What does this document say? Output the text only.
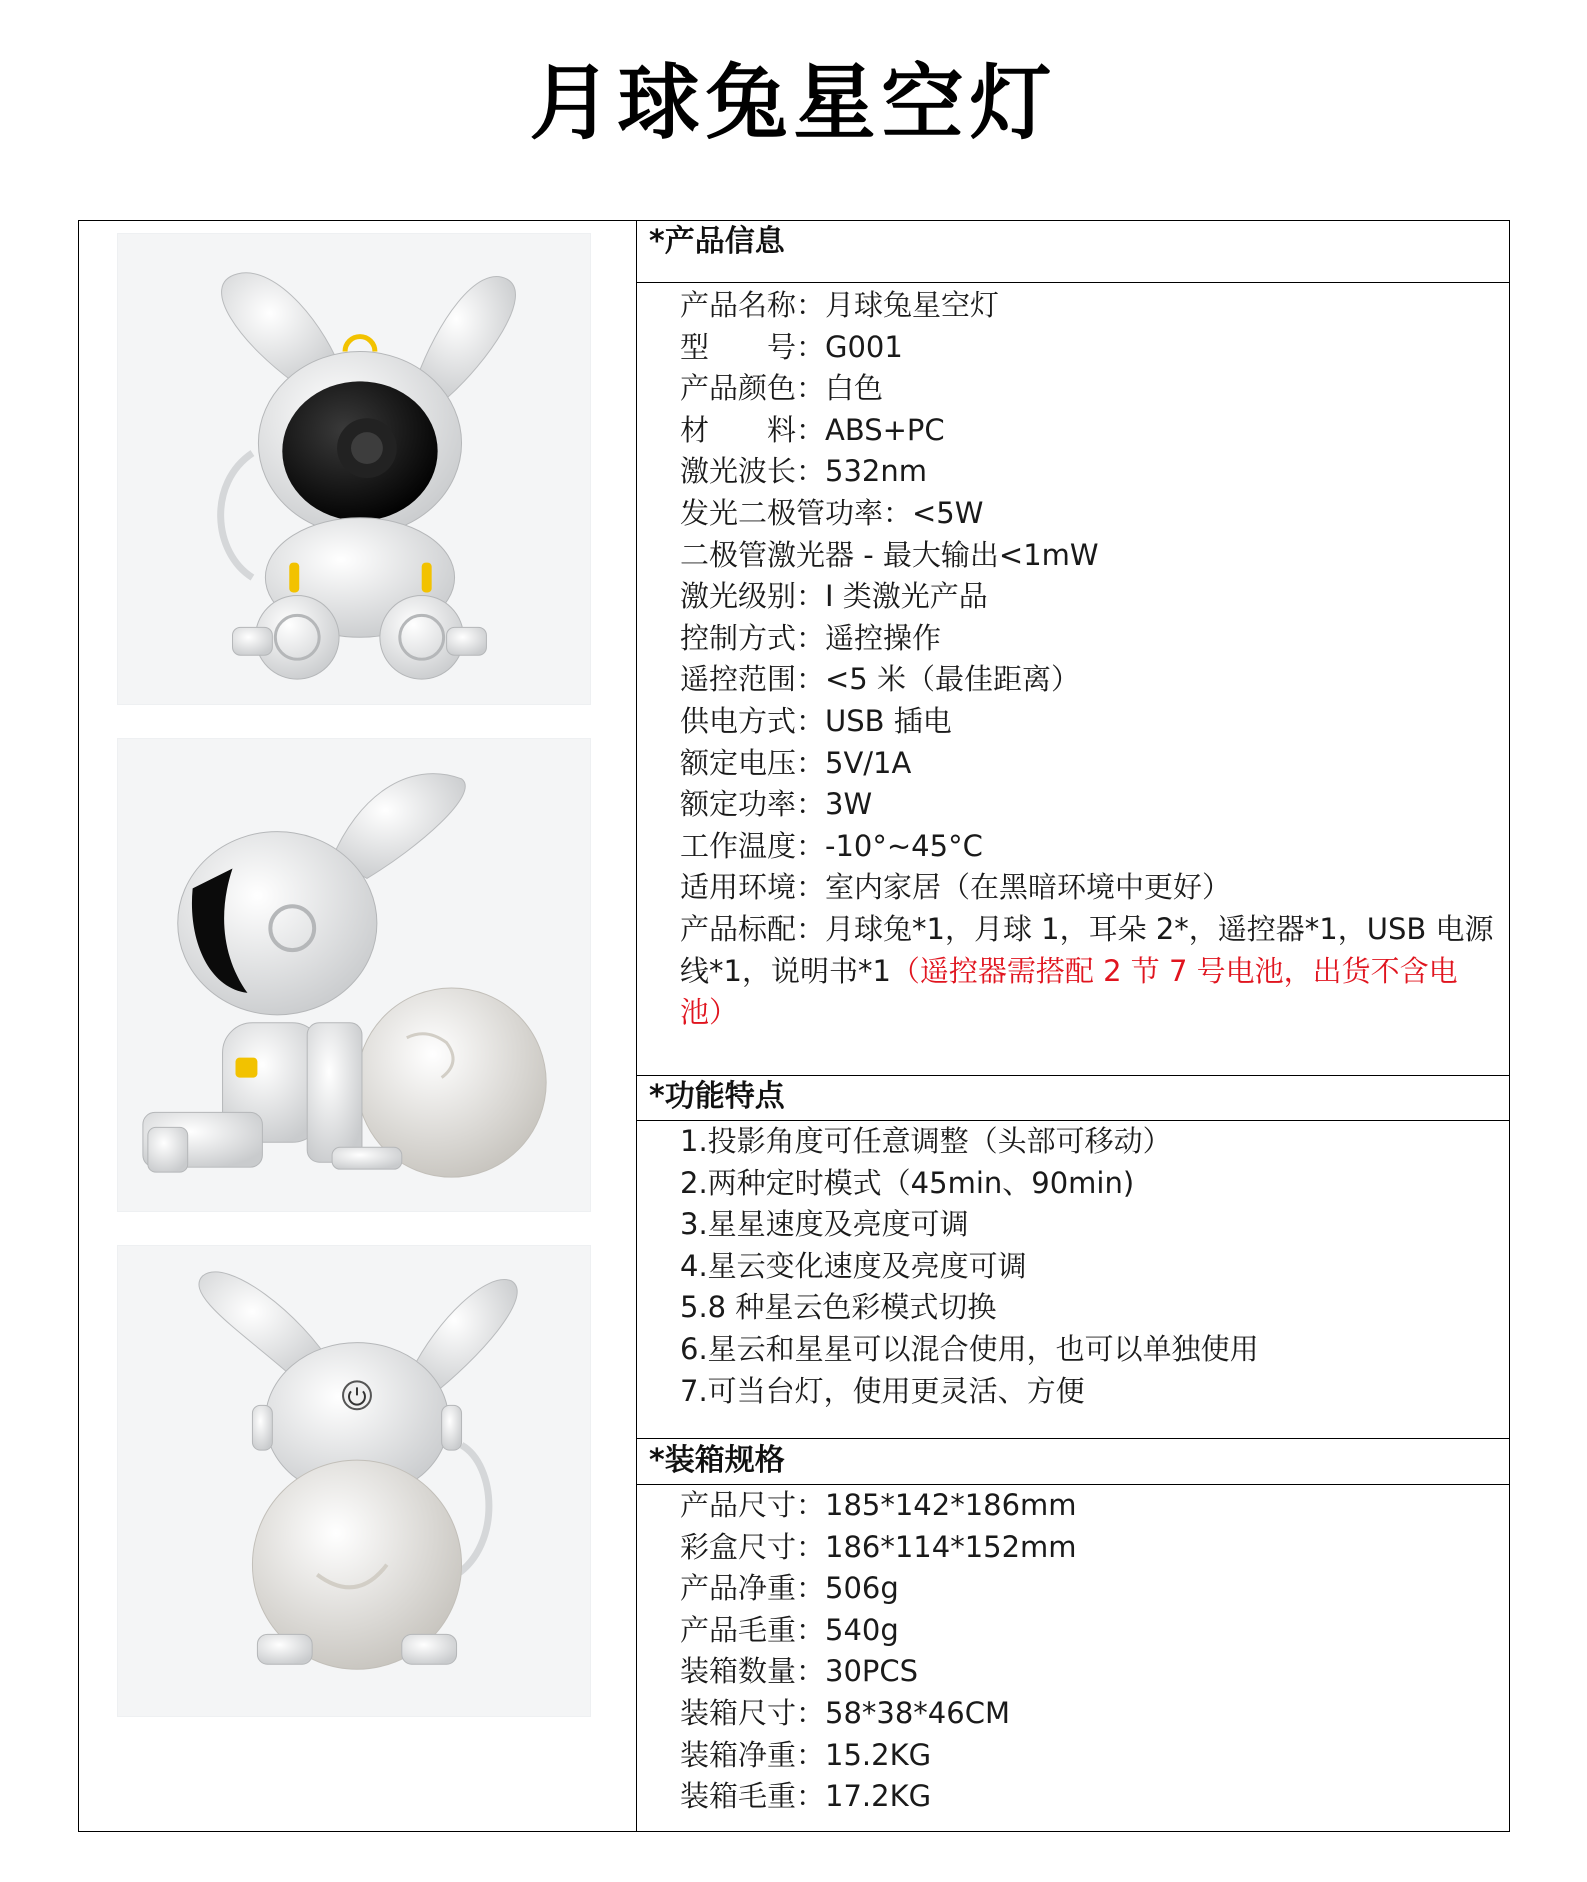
月球兔星空灯
*产品信息
产品名称：月球兔星空灯
型　　号：G001
产品颜色：白色
材　　料：ABS+PC
激光波长：532nm
发光二极管功率：<5W
二极管激光器 - 最大输出<1mW
激光级别：I 类激光产品
控制方式：遥控操作
遥控范围：<5 米（最佳距离）
供电方式：USB 插电
额定电压：5V/1A
额定功率：3W
工作温度：-10°~45°C
适用环境：室内家居（在黑暗环境中更好）
产品标配：月球兔*1，月球 1，耳朵 2*，遥控器*1，USB 电源线*1，说明书*1（遥控器需搭配 2 节 7 号电池，出货不含电池）
*功能特点
1.投影角度可任意调整（头部可移动）
2.两种定时模式（45min、90min)
3.星星速度及亮度可调
4.星云变化速度及亮度可调
5.8 种星云色彩模式切换
6.星云和星星可以混合使用，也可以单独使用
7.可当台灯，使用更灵活、方便
*装箱规格
产品尺寸：185*142*186mm
彩盒尺寸：186*114*152mm
产品净重：506g
产品毛重：540g
装箱数量：30PCS
装箱尺寸：58*38*46CM
装箱净重：15.2KG
装箱毛重：17.2KG
